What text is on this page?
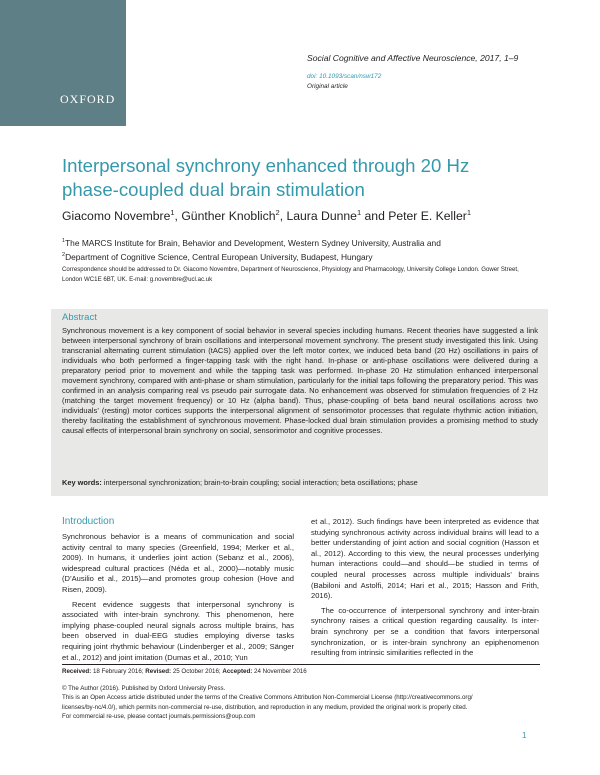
OXFORD
Social Cognitive and Affective Neuroscience, 2017, 1–9
doi: 10.1093/scan/nsw172
Original article
Interpersonal synchrony enhanced through 20 Hz
phase-coupled dual brain stimulation
Giacomo Novembre$^1$, Günther Knoblich$^2$, Laura Dunne$^1$ and Peter E. Keller$^1$
$^1$The MARCS Institute for Brain, Behavior and Development, Western Sydney University, Australia and
$^2$Department of Cognitive Science, Central European University, Budapest, Hungary
Correspondence should be addressed to Dr. Giacomo Novembre, Department of Neuroscience, Physiology and Pharmacology, University College London. Gower Street, London WC1E 6BT, UK. E-mail: g.novembre@ucl.ac.uk
Abstract
Synchronous movement is a key component of social behavior in several species including humans. Recent theories have suggested a link between interpersonal synchrony of brain oscillations and interpersonal movement synchrony. The present study investigated this link. Using transcranial alternating current stimulation (tACS) applied over the left motor cortex, we induced beta band (20 Hz) oscillations in pairs of individuals who both performed a finger-tapping task with the right hand. In-phase or anti-phase oscillations were delivered during a preparatory period prior to movement and while the tapping task was performed. In-phase 20 Hz stimulation enhanced interpersonal movement synchrony, compared with anti-phase or sham stimulation, particularly for the initial taps following the preparatory period. This was confirmed in an analysis comparing real vs pseudo pair surrogate data. No enhancement was observed for stimulation frequencies of 2 Hz (matching the target movement frequency) or 10 Hz (alpha band). Thus, phase-coupling of beta band neural oscillations across two individuals’ (resting) motor cortices supports the interpersonal alignment of sensorimotor processes that regulate rhythmic action initiation, thereby facilitating the establishment of synchronous movement. Phase-locked dual brain stimulation provides a promising method to study causal effects of interpersonal brain synchrony on social, sensorimotor and cognitive processes.
Key words: interpersonal synchronization; brain-to-brain coupling; social interaction; beta oscillations; phase
Introduction

Synchronous behavior is a means of communication and social activity central to many species (Greenfield, 1994; Merker et al., 2009). In humans, it underlies joint action (Sebanz et al., 2006), widespread cultural practices (Néda et al., 2000)—notably music (D’Ausilio et al., 2015)—and promotes group cohesion (Hove and Risen, 2009).

Recent evidence suggests that interpersonal synchrony is associated with inter-brain synchrony. This phenomenon, here implying phase-coupled neural signals across multiple brains, has been observed in dual-EEG studies employing diverse tasks requiring joint rhythmic behaviour (Lindenberger et al., 2009; Sänger et al., 2012) and joint imitation (Dumas et al., 2010; Yun

et al., 2012). Such findings have been interpreted as evidence that studying synchronous activity across individual brains will lead to a better understanding of joint action and social cognition (Hasson et al., 2012). According to this view, the neural processes underlying human interactions could—and should—be studied in terms of coupled neural processes across multiple individuals’ brains (Babiloni and Astolfi, 2014; Hari et al., 2015; Hasson and Frith, 2016).

The co-occurrence of interpersonal synchrony and inter-brain synchrony raises a critical question regarding causality. Is inter-brain synchrony per se a condition that favors interpersonal synchronization, or is inter-brain synchrony an epiphenomenon resulting from intrinsic similarities reflected in the

Received: 18 February 2016; Revised: 25 October 2016; Accepted: 24 November 2016
© The Author (2016). Published by Oxford University Press.
This is an Open Access article distributed under the terms of the Creative Commons Attribution Non-Commercial License (http://creativecommons.org/
licenses/by-nc/4.0/), which permits non-commercial re-use, distribution, and reproduction in any medium, provided the original work is properly cited.
For commercial re-use, please contact journals.permissions@oup.com
1
